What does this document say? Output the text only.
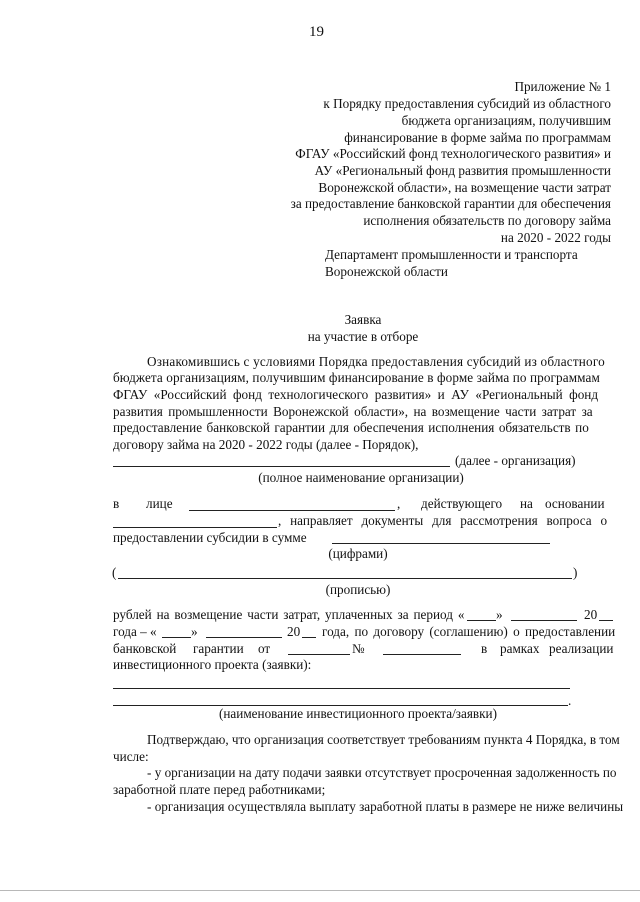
19
Приложение № 1
к Порядку предоставления субсидий из областного
бюджета организациям, получившим
финансирование в форме займа по программам
ФГАУ «Российский фонд технологического развития» и
АУ «Региональный фонд развития промышленности
Воронежской области», на возмещение части затрат
за предоставление банковской гарантии для обеспечения
исполнения обязательств по договору займа
на 2020 - 2022 годы
Департамент промышленности и транспорта
Воронежской области
Заявка
на участие в отборе
Ознакомившись с условиями Порядка предоставления субсидий из областного
бюджета организациям, получившим финансирование в форме займа по программам
ФГАУ «Российский фонд технологического развития» и АУ «Региональный фонд
развития промышленности Воронежской области», на возмещение части затрат за
предоставление банковской гарантии для обеспечения исполнения обязательств по
договору займа на 2020 - 2022 годы (далее - Порядок),
(далее - организация)
(полное наименование организации)
в лице	, действующего на основании
, направляет документы для рассмотрения вопроса о
предоставлении субсидии в сумме
(цифрами)
(	)
(прописью)
рублей на возмещение части затрат, уплаченных за период « »	20
года – «	»	20 года, по договору (соглашению) о предоставлении
банковской гарантии от	№	в рамках реализации
инвестиционного проекта (заявки):
.
(наименование инвестиционного проекта/заявки)
Подтверждаю, что организация соответствует требованиям пункта 4 Порядка, в том
числе:
- у организации на дату подачи заявки отсутствует просроченная задолженность по
заработной плате перед работниками;
- организация осуществляла выплату заработной платы в размере не ниже величины
